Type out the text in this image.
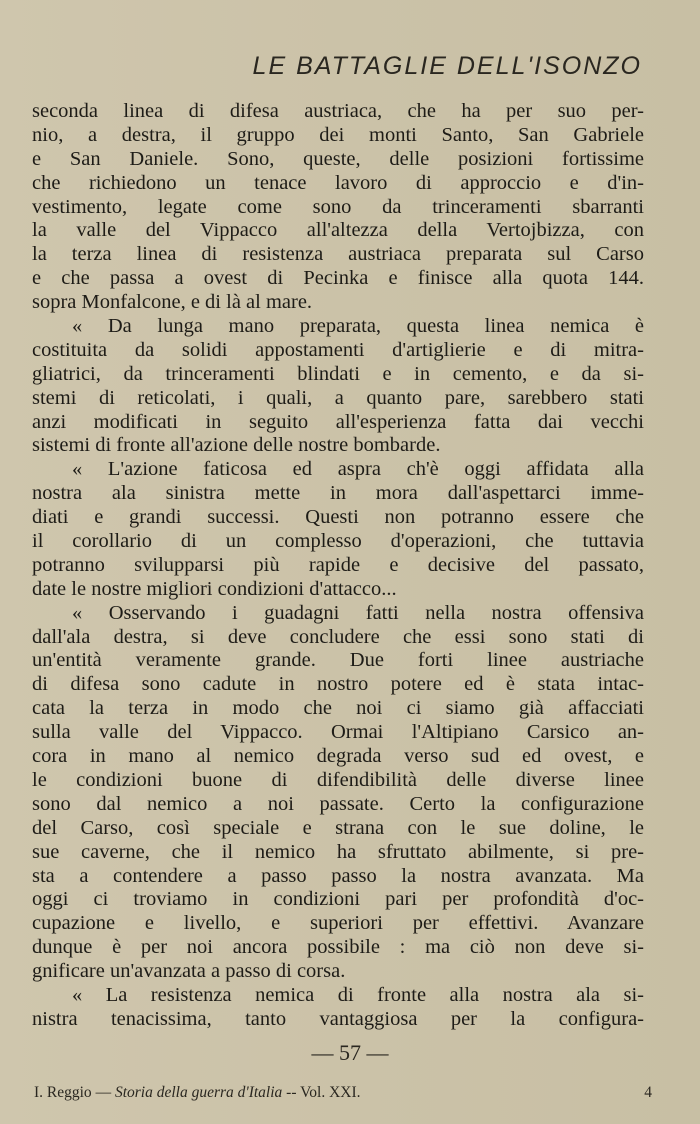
LE BATTAGLIE DELL'ISONZO
seconda linea di difesa austriaca, che ha per suo per-
nio, a destra, il gruppo dei monti Santo, San Gabriele
e San Daniele. Sono, queste, delle posizioni fortissime
che richiedono un tenace lavoro di approccio e d'in-
vestimento, legate come sono da trinceramenti sbarranti
la valle del Vippacco all'altezza della Vertojbizza, con
la terza linea di resistenza austriaca preparata sul Carso
e che passa a ovest di Pecinka e finisce alla quota 144.
sopra Monfalcone, e di là al mare.
« Da lunga mano preparata, questa linea nemica è
costituita da solidi appostamenti d'artiglierie e di mitra-
gliatrici, da trinceramenti blindati e in cemento, e da si-
stemi di reticolati, i quali, a quanto pare, sarebbero stati
anzi modificati in seguito all'esperienza fatta dai vecchi
sistemi di fronte all'azione delle nostre bombarde.
« L'azione faticosa ed aspra ch'è oggi affidata alla
nostra ala sinistra mette in mora dall'aspettarci imme-
diati e grandi successi. Questi non potranno essere che
il corollario di un complesso d'operazioni, che tuttavia
potranno svilupparsi più rapide e decisive del passato,
date le nostre migliori condizioni d'attacco...
« Osservando i guadagni fatti nella nostra offensiva
dall'ala destra, si deve concludere che essi sono stati di
un'entità veramente grande. Due forti linee austriache
di difesa sono cadute in nostro potere ed è stata intac-
cata la terza in modo che noi ci siamo già affacciati
sulla valle del Vippacco. Ormai l'Altipiano Carsico an-
cora in mano al nemico degrada verso sud ed ovest, e
le condizioni buone di difendibilità delle diverse linee
sono dal nemico a noi passate. Certo la configurazione
del Carso, così speciale e strana con le sue doline, le
sue caverne, che il nemico ha sfruttato abilmente, si pre-
sta a contendere a passo passo la nostra avanzata. Ma
oggi ci troviamo in condizioni pari per profondità d'oc-
cupazione e livello, e superiori per effettivi. Avanzare
dunque è per noi ancora possibile : ma ciò non deve si-
gnificare un'avanzata a passo di corsa.
« La resistenza nemica di fronte alla nostra ala si-
nistra tenacissima, tanto vantaggiosa per la configura-
— 57 —
I. Reggio — Storia della guerra d'Italia -- Vol. XXI.	4
